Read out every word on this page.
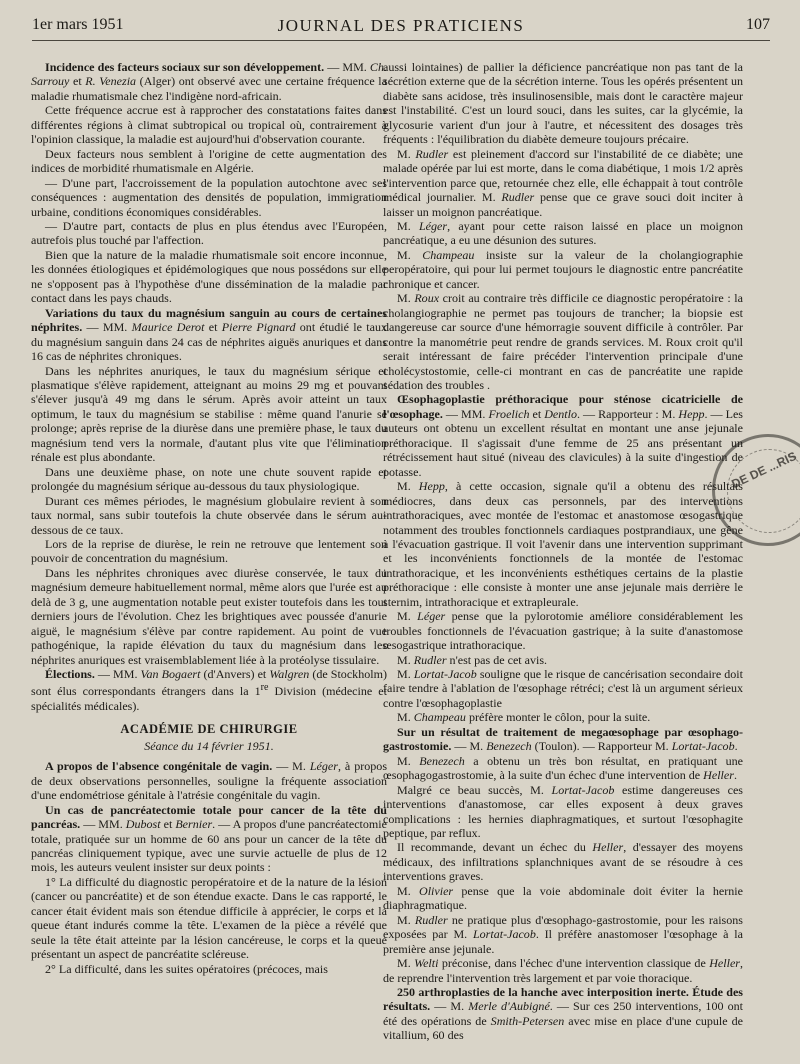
1er mars 1951	JOURNAL DES PRATICIENS	107

Incidence des facteurs sociaux sur son développement. — MM. Ch. Sarrouy et R. Venezia (Alger) ont observé avec une certaine fréquence la maladie rhumatismale chez l'indigène nord-africain.

Cette fréquence accrue est à rapprocher des constatations faites dans différentes régions à climat subtropical ou tropical où, contrairement à l'opinion classique, la maladie est aujourd'hui d'observation courante.

Deux facteurs nous semblent à l'origine de cette augmentation des indices de morbidité rhumatismale en Algérie.

— D'une part, l'accroissement de la population autochtone avec ses conséquences : augmentation des densités de population, immigration urbaine, conditions économiques considérables.

— D'autre part, contacts de plus en plus étendus avec l'Européen, autrefois plus touché par l'affection.

Bien que la nature de la maladie rhumatismale soit encore inconnue, les données étiologiques et épidémologiques que nous possédons sur elle ne s'opposent pas à l'hypothèse d'une dissémination de la maladie par contact dans les pays chauds.

Variations du taux du magnésium sanguin au cours de certaines néphrites. — MM. Maurice Derot et Pierre Pignard ont étudié le taux du magnésium sanguin dans 24 cas de néphrites aiguës anuriques et dans 16 cas de néphrites chroniques.

Dans les néphrites anuriques, le taux du magnésium sérique et plasmatique s'élève rapidement, atteignant au moins 29 mg et pouvant s'élever jusqu'à 49 mg dans le sérum. Après avoir atteint un taux optimum, le taux du magnésium se stabilise : même quand l'anurie se prolonge; après reprise de la diurèse dans une première phase, le taux du magnésium tend vers la normale, d'autant plus vite que l'élimination rénale est plus abondante.

Dans une deuxième phase, on note une chute souvent rapide et prolongée du magnésium sérique au-dessous du taux physiologique.

Durant ces mêmes périodes, le magnésium globulaire revient à son taux normal, sans subir toutefois la chute observée dans le sérum au-dessous de ce taux.

Lors de la reprise de diurèse, le rein ne retrouve que lentement son pouvoir de concentration du magnésium.

Dans les néphrites chroniques avec diurèse conservée, le taux du magnésium demeure habituellement normal, même alors que l'urée est au delà de 3 g, une augmentation notable peut exister toutefois dans les tout derniers jours de l'évolution. Chez les brightiques avec poussée d'anurie aiguë, le magnésium s'élève par contre rapidement. Au point de vue pathogénique, la rapide élévation du taux du magnésium dans les néphrites anuriques est vraisemblablement liée à la protéolyse tissulaire.

Élections. — MM. Van Bogaert (d'Anvers) et Walgren (de Stockholm) sont élus correspondants étrangers dans la 1re Division (médecine et spécialités médicales).

ACADÉMIE DE CHIRURGIE
Séance du 14 février 1951.

A propos de l'absence congénitale de vagin. — M. Léger, à propos de deux observations personnelles, souligne la fréquente association d'une endométriose génitale à l'atrésie congénitale du vagin.

Un cas de pancréatectomie totale pour cancer de la tête du pancréas. — MM. Dubost et Bernier. — A propos d'une pancréatectomie totale, pratiquée sur un homme de 60 ans pour un cancer de la tête du pancréas cliniquement typique, avec une survie actuelle de plus de 12 mois, les auteurs veulent insister sur deux points :

1° La difficulté du diagnostic peropératoire et de la nature de la lésion (cancer ou pancréatite) et de son étendue exacte. Dans le cas rapporté, le cancer était évident mais son étendue difficile à apprécier, le corps et la queue étant indurés comme la tête. L'examen de la pièce a révélé que seule la tête était atteinte par la lésion cancéreuse, le corps et la queue présentant un aspect de pancréatite scléreuse.

2° La difficulté, dans les suites opératoires (précoces, mais

aussi lointaines) de pallier la déficience pancréatique non pas tant de la sécrétion externe que de la sécrétion interne. Tous les opérés présentent un diabète sans acidose, très insulinosensible, mais dont le caractère majeur est l'instabilité. C'est un lourd souci, dans les suites, car la glycémie, la glycosurie varient d'un jour à l'autre, et nécessitent des dosages très fréquents : l'équilibration du diabète demeure toujours précaire.

M. Rudler est pleinement d'accord sur l'instabilité de ce diabète; une malade opérée par lui est morte, dans le coma diabétique, 1 mois 1/2 après l'intervention parce que, retournée chez elle, elle échappait à tout contrôle médical journalier. M. Rudler pense que ce grave souci doit inciter à laisser un moignon pancréatique.

M. Léger, ayant pour cette raison laissé en place un moignon pancréatique, a eu une désunion des sutures.

M. Champeau insiste sur la valeur de la cholangiographie peropératoire, qui pour lui permet toujours le diagnostic entre pancréatite chronique et cancer.

M. Roux croit au contraire très difficile ce diagnostic peropératoire : la cholangiographie ne permet pas toujours de trancher; la biopsie est dangereuse car source d'une hémorragie souvent difficile à contrôler. Par contre la manométrie peut rendre de grands services. M. Roux croit qu'il serait intéressant de faire précéder l'intervention principale d'une cholécystostomie, celle-ci montrant en cas de pancréatite une rapide sédation des troubles .

Œsophagoplastie préthoracique pour sténose cicatricielle de l'œsophage. — MM. Froelich et Dentlo. — Rapporteur : M. Hepp. — Les auteurs ont obtenu un excellent résultat en montant une anse jejunale préthoracique. Il s'agissait d'une femme de 25 ans présentant un rétrécissement haut situé (niveau des clavicules) à la suite d'ingestion de potasse.

M. Hepp, à cette occasion, signale qu'il a obtenu des résultats médiocres, dans deux cas personnels, par des interventions intrathoraciques, avec montée de l'estomac et anastomose œsogastrique notamment des troubles fonctionnels cardiaques postprandiaux, une gêne à l'évacuation gastrique. Il voit l'avenir dans une intervention supprimant et les inconvénients fonctionnels de la montée de l'estomac intrathoracique, et les inconvénients esthétiques certains de la plastie préthoracique : elle consiste à monter une anse jejunale mais derrière le sternim, intrathoracique et extrapleurale.

M. Léger pense que la pylorotomie améliore considérablement les troubles fonctionnels de l'évacuation gastrique; à la suite d'anastomose œsogastrique intrathoracique.

M. Rudler n'est pas de cet avis.

M. Lortat-Jacob souligne que le risque de cancérisation secondaire doit faire tendre à l'ablation de l'œsophage rétréci; c'est là un argument sérieux contre l'œsophagoplastie

M. Champeau préfère monter le côlon, pour la suite.

Sur un résultat de traitement de megaœsophage par œsophago-gastrostomie. — M. Benezech (Toulon). — Rapporteur M. Lortat-Jacob.

M. Benezech a obtenu un très bon résultat, en pratiquant une œsophagogastrostomie, à la suite d'un échec d'une intervention de Heller.

Malgré ce beau succès, M. Lortat-Jacob estime dangereuses ces interventions d'anastomose, car elles exposent à deux graves complications : les hernies diaphragmatiques, et surtout l'œsophagite peptique, par reflux.

Il recommande, devant un échec du Heller, d'essayer des moyens médicaux, des infiltrations splanchniques avant de se résoudre à ces interventions graves.

M. Olivier pense que la voie abdominale doit éviter la hernie diaphragmatique.

M. Rudler ne pratique plus d'œsophago-gastrostomie, pour les raisons exposées par M. Lortat-Jacob. Il préfère anastomoser l'œsophage à la première anse jejunale.

M. Welti préconise, dans l'échec d'une intervention classique de Heller, de reprendre l'intervention très largement et par voie thoracique.

250 arthroplasties de la hanche avec interposition inerte. Étude des résultats. — M. Merle d'Aubigné. — Sur ces 250 interventions, 100 ont été des opérations de Smith-Petersen avec mise en place d'une cupule de vitallium, 60 des

DE DE ...RIS
